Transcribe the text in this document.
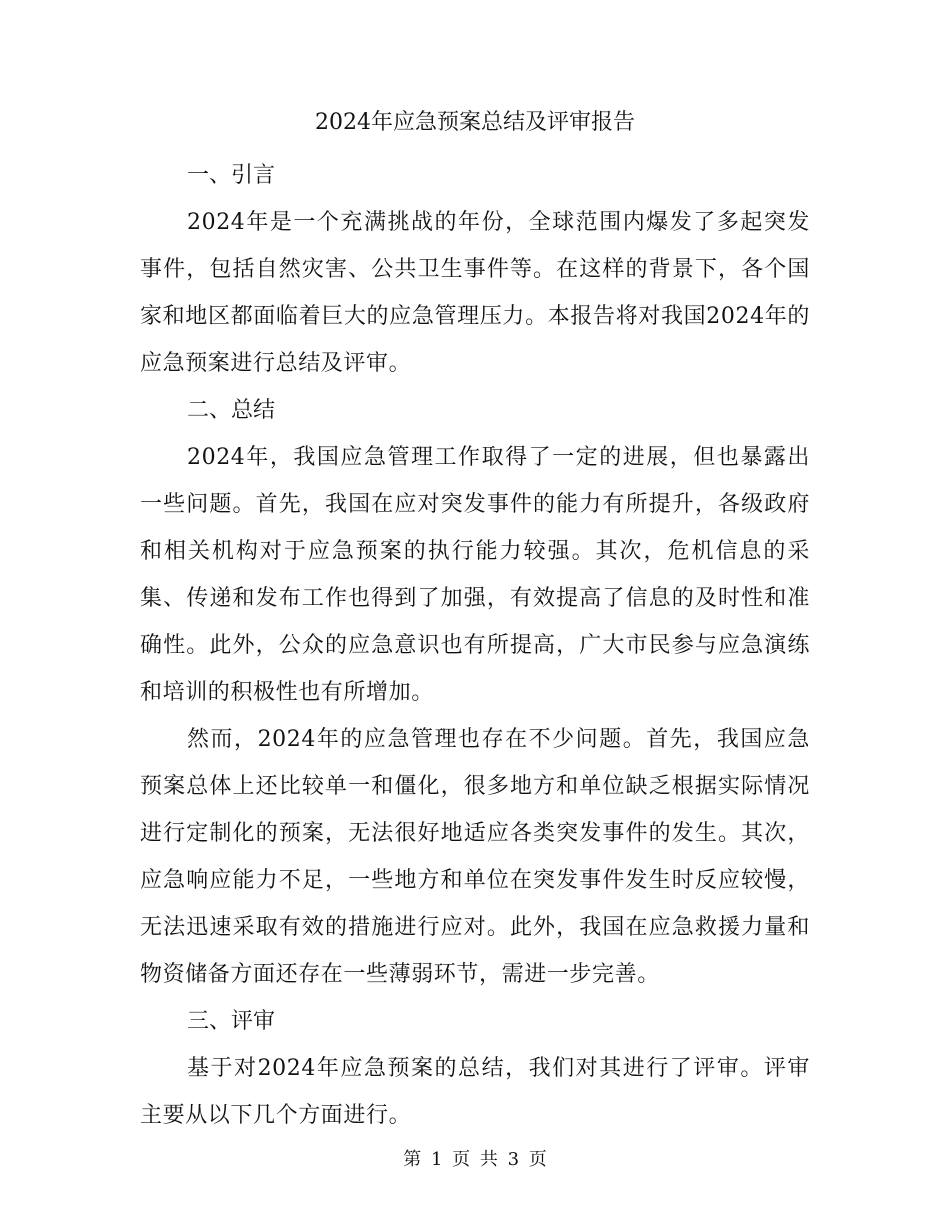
2024年应急预案总结及评审报告
一、引言

2024年是一个充满挑战的年份，全球范围内爆发了多起突发事件，包括自然灾害、公共卫生事件等。在这样的背景下，各个国家和地区都面临着巨大的应急管理压力。本报告将对我国2024年的应急预案进行总结及评审。

二、总结

2024年，我国应急管理工作取得了一定的进展，但也暴露出一些问题。首先，我国在应对突发事件的能力有所提升，各级政府和相关机构对于应急预案的执行能力较强。其次，危机信息的采集、传递和发布工作也得到了加强，有效提高了信息的及时性和准确性。此外，公众的应急意识也有所提高，广大市民参与应急演练和培训的积极性也有所增加。

然而，2024年的应急管理也存在不少问题。首先，我国应急预案总体上还比较单一和僵化，很多地方和单位缺乏根据实际情况进行定制化的预案，无法很好地适应各类突发事件的发生。其次，应急响应能力不足，一些地方和单位在突发事件发生时反应较慢，无法迅速采取有效的措施进行应对。此外，我国在应急救援力量和物资储备方面还存在一些薄弱环节，需进一步完善。

三、评审

基于对2024年应急预案的总结，我们对其进行了评审。评审主要从以下几个方面进行。

第 1 页 共 3 页
